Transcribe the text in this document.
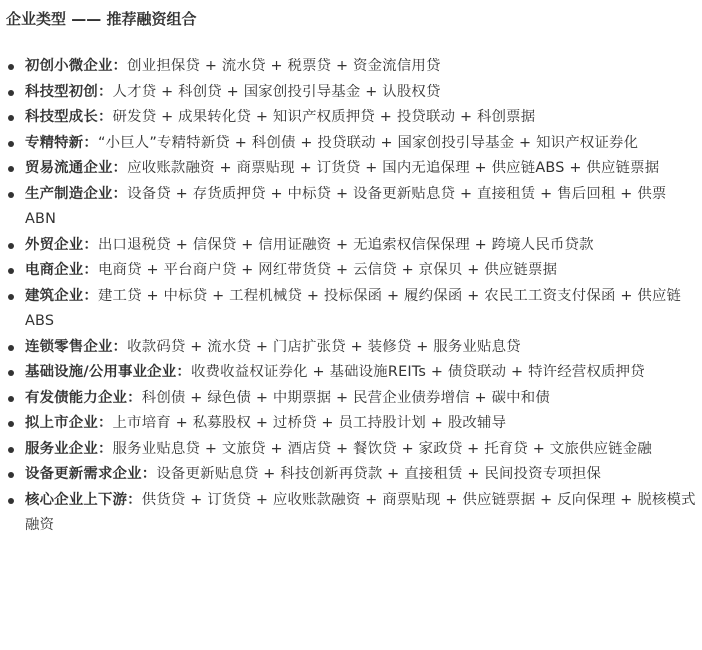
企业类型 —— 推荐融资组合
初创小微企业：创业担保贷 + 流水贷 + 税票贷 + 资金流信用贷
科技型初创：人才贷 + 科创贷 + 国家创投引导基金 + 认股权贷
科技型成长：研发贷 + 成果转化贷 + 知识产权质押贷 + 投贷联动 + 科创票据
专精特新：“小巨人”专精特新贷 + 科创债 + 投贷联动 + 国家创投引导基金 + 知识产权证券化
贸易流通企业：应收账款融资 + 商票贴现 + 订货贷 + 国内无追保理 + 供应链ABS + 供应链票据
生产制造企业：设备贷 + 存货质押贷 + 中标贷 + 设备更新贴息贷 + 直接租赁 + 售后回租 + 供票ABN
外贸企业：出口退税贷 + 信保贷 + 信用证融资 + 无追索权信保保理 + 跨境人民币贷款
电商企业：电商贷 + 平台商户贷 + 网红带货贷 + 云信贷 + 京保贝 + 供应链票据
建筑企业：建工贷 + 中标贷 + 工程机械贷 + 投标保函 + 履约保函 + 农民工工资支付保函 + 供应链ABS
连锁零售企业：收款码贷 + 流水贷 + 门店扩张贷 + 装修贷 + 服务业贴息贷
基础设施/公用事业企业：收费收益权证券化 + 基础设施REITs + 债贷联动 + 特许经营权质押贷
有发债能力企业：科创债 + 绿色债 + 中期票据 + 民营企业债券增信 + 碳中和债
拟上市企业：上市培育 + 私募股权 + 过桥贷 + 员工持股计划 + 股改辅导
服务业企业：服务业贴息贷 + 文旅贷 + 酒店贷 + 餐饮贷 + 家政贷 + 托育贷 + 文旅供应链金融
设备更新需求企业：设备更新贴息贷 + 科技创新再贷款 + 直接租赁 + 民间投资专项担保
核心企业上下游：供货贷 + 订货贷 + 应收账款融资 + 商票贴现 + 供应链票据 + 反向保理 + 脱核模式融资
